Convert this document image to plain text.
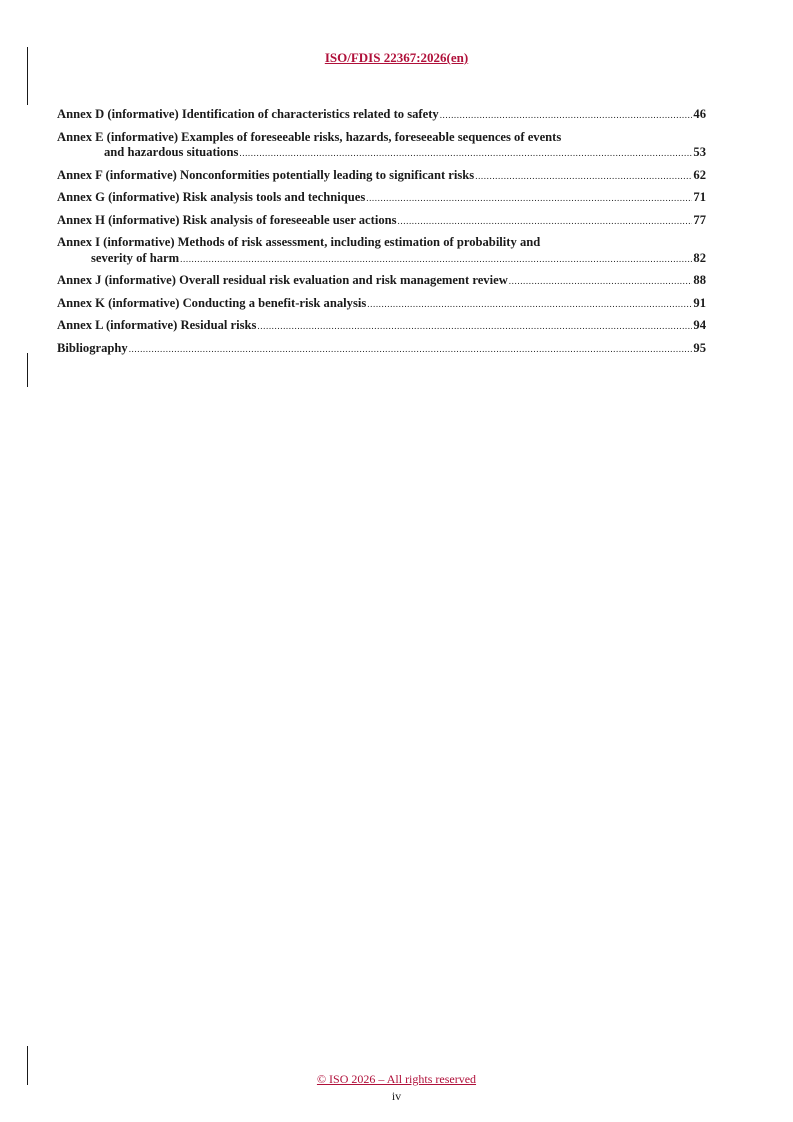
ISO/FDIS 22367:2026(en)
Annex D (informative) Identification of characteristics related to safety .....	46
Annex E (informative) Examples of foreseeable risks, hazards, foreseeable sequences of events
and hazardous situations .....	53
Annex F (informative) Nonconformities potentially leading to significant risks .....	62
Annex G (informative) Risk analysis tools and techniques .....	71
Annex H (informative) Risk analysis of foreseeable user actions .....	77
Annex I (informative) Methods of risk assessment, including estimation of probability and
severity of harm .....	82
Annex J (informative) Overall residual risk evaluation and risk management review .....	88
Annex K (informative) Conducting a benefit-risk analysis .....	91
Annex L (informative) Residual risks .....	94
Bibliography .....	95
© ISO 2026 – All rights reserved
iv
